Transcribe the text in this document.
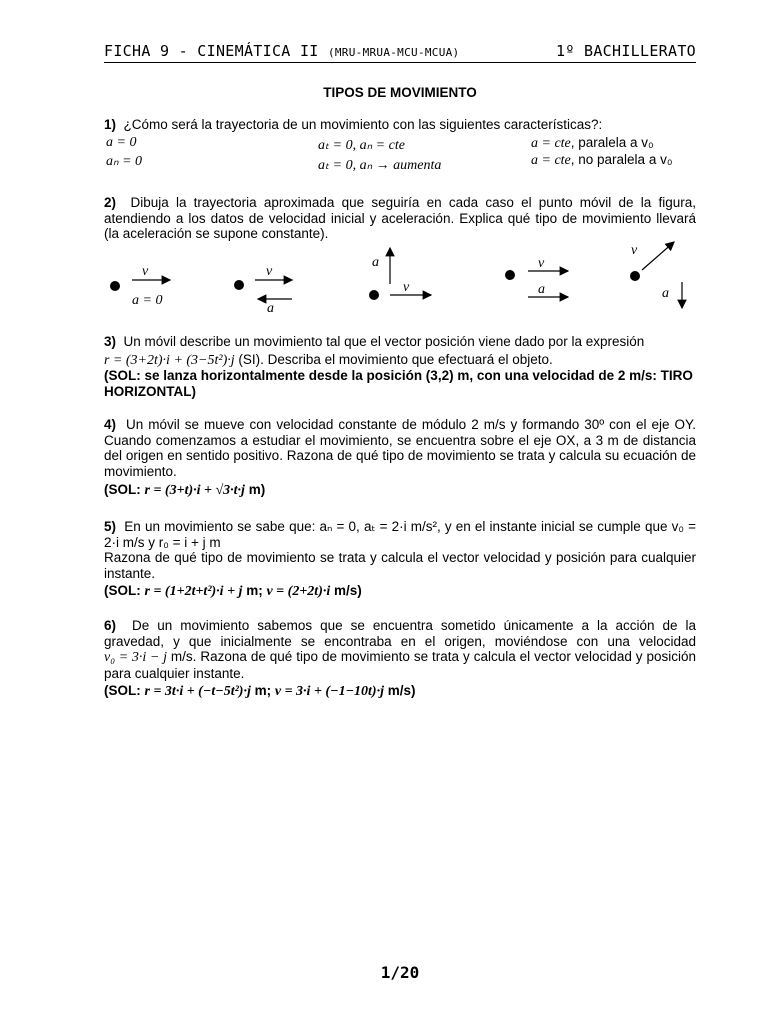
FICHA 9 - CINEMÁTICA II (MRU-MRUA-MCU-MCUA)	1º BACHILLERATO
TIPOS DE MOVIMIENTO

1) ¿Cómo será la trayectoria de un movimiento con las siguientes características?:

a = 0
aₙ = 0
aₜ = 0, aₙ = cte
aₜ = 0, aₙ → aumenta
a = cte, paralela a v₀
a = cte, no paralela a v₀

2) Dibuja la trayectoria aproximada que seguiría en cada caso el punto móvil de la figura, atendiendo a los datos de velocidad inicial y aceleración. Explica qué tipo de movimiento llevará (la aceleración se supone constante).

v
a = 0
v
a
a
v
v
a
v
a

3) Un móvil describe un movimiento tal que el vector posición viene dado por la expresión

r = (3+2t)·i + (3−5t²)·j (SI). Describa el movimiento que efectuará el objeto.

(SOL: se lanza horizontalmente desde la posición (3,2) m, con una velocidad de 2 m/s: TIRO HORIZONTAL)

4) Un móvil se mueve con velocidad constante de módulo 2 m/s y formando 30º con el eje OY. Cuando comenzamos a estudiar el movimiento, se encuentra sobre el eje OX, a 3 m de distancia del origen en sentido positivo. Razona de qué tipo de movimiento se trata y calcula su ecuación de movimiento.

(SOL: r = (3+t)·i + √3·t·j m)

5) En un movimiento se sabe que: aₙ = 0, aₜ = 2·i m/s², y en el instante inicial se cumple que v₀ = 2·i m/s y r₀ = i + j m

Razona de qué tipo de movimiento se trata y calcula el vector velocidad y posición para cualquier instante.

(SOL: r = (1+2t+t²)·i + j m; v = (2+2t)·i m/s)

6) De un movimiento sabemos que se encuentra sometido únicamente a la acción de la gravedad, y que inicialmente se encontraba en el origen, moviéndose con una velocidad v₀ = 3·i − j m/s. Razona de qué tipo de movimiento se trata y calcula el vector velocidad y posición para cualquier instante.

(SOL: r = 3t·i + (−t−5t²)·j m; v = 3·i + (−1−10t)·j m/s)

1/20
